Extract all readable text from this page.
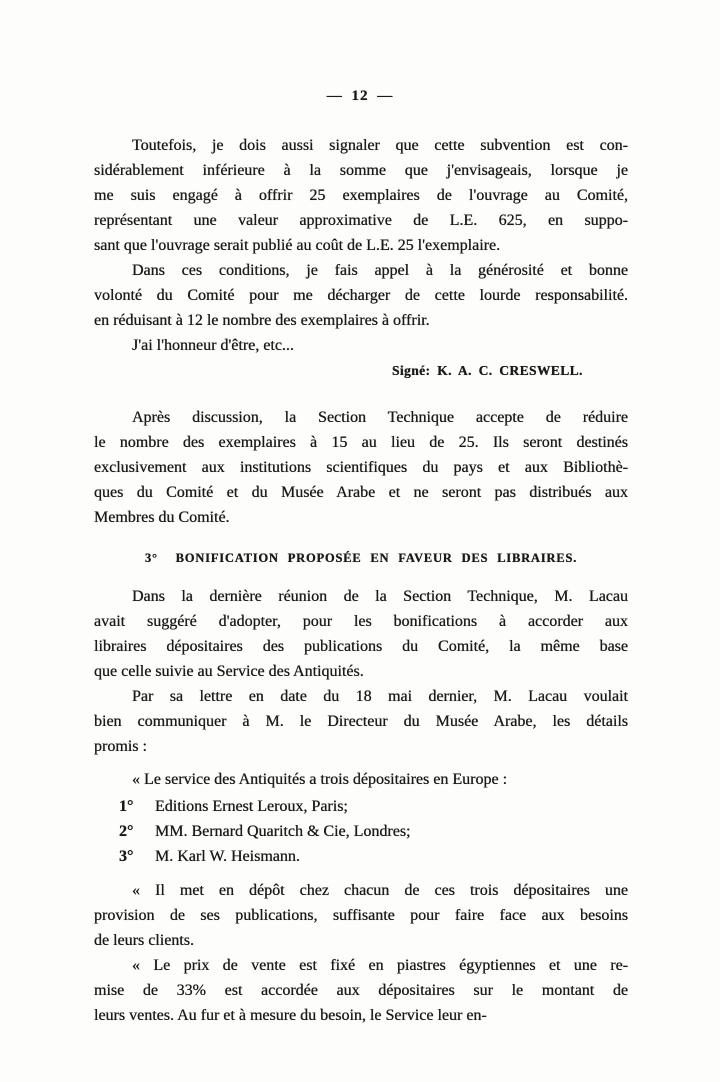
— 12 —
Toutefois, je dois aussi signaler que cette subvention est con-
sidérablement inférieure à la somme que j'envisageais, lorsque je
me suis engagé à offrir 25 exemplaires de l'ouvrage au Comité,
représentant une valeur approximative de L.E. 625, en suppo-
sant que l'ouvrage serait publié au coût de L.E. 25 l'exemplaire.
Dans ces conditions, je fais appel à la générosité et bonne
volonté du Comité pour me décharger de cette lourde responsabilité.
en réduisant à 12 le nombre des exemplaires à offrir.
J'ai l'honneur d'être, etc...
Signé: K. A. C. CRESWELL.
Après discussion, la Section Technique accepte de réduire
le nombre des exemplaires à 15 au lieu de 25. Ils seront destinés
exclusivement aux institutions scientifiques du pays et aux Bibliothè-
ques du Comité et du Musée Arabe et ne seront pas distribués aux
Membres du Comité.
3°  BONIFICATION PROPOSÉE EN FAVEUR DES LIBRAIRES.
Dans la dernière réunion de la Section Technique, M. Lacau
avait suggéré d'adopter, pour les bonifications à accorder aux
libraires dépositaires des publications du Comité, la même base
que celle suivie au Service des Antiquités.
Par sa lettre en date du 18 mai dernier, M. Lacau voulait
bien communiquer à M. le Directeur du Musée Arabe, les détails
promis :
« Le service des Antiquités a trois dépositaires en Europe :
1° Editions Ernest Leroux, Paris;
2° MM. Bernard Quaritch & Cie, Londres;
3° M. Karl W. Heismann.
« Il met en dépôt chez chacun de ces trois dépositaires une
provision de ses publications, suffisante pour faire face aux besoins
de leurs clients.
« Le prix de vente est fixé en piastres égyptiennes et une re-
mise de 33% est accordée aux dépositaires sur le montant de
leurs ventes. Au fur et à mesure du besoin, le Service leur en-
